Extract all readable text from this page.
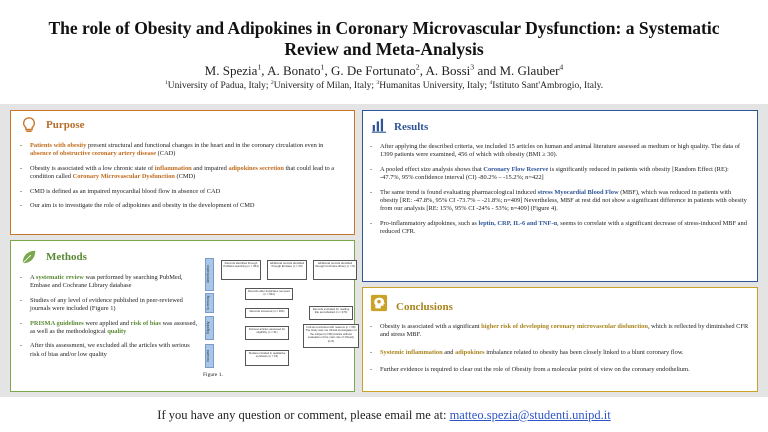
The role of Obesity and Adipokines in Coronary Microvascular Dysfunction: a Systematic Review and Meta-Analysis
M. Spezia$^1$, A. Bonato$^1$, G. De Fortunato$^2$, A. Bossi$^3$ and M. Glauber$^4$
$^1$University of Padua, Italy; $^2$University of Milan, Italy; $^3$Humanitas University, Italy; $^4$Istituto Sant'Ambrogio, Italy.
Purpose
- Patients with obesity present structural and functional changes in the heart and in the coronary circulation even in absence of obstructive coronary artery disease (CAD)
- Obesity is associated with a low chronic state of inflammation and impaired adipokines secretion that could lead to a condition called Coronary Microvascular Dysfunction (CMD)
- CMD is defined as an impaired myocardial blood flow in absence of CAD
- Our aim is to investigate the role of adipokines and obesity in the development of CMD
Methods
- A systematic review was performed by searching PubMed, Embase and Cochrane Library database
- Studies of any level of evidence published in peer-reviewed journals were included (Figure 1)
- PRISMA guidelines were applied and risk of bias was assessed, as well as the methodological quality
- After this assessment, we excluded all the articles with serious risk of bias and/or low quality
Identification
Screening
Eligibility
Included
Records identified through PubMed searching (n = 364)
Additional records identified through Embase (n = 23)
Additional records identified through Cochrane library (n = 8)
Records after duplicates removed (n = 364)
Records screened (n = 364)	Records excluded for reading title and abstract (n = 273)
Full-text articles assessed for eligibility (n = 91)
Full-text excluded with reasons (n = 68) The study was not clinical investigation of the subject (n=38) Articles without evaluation of the main role of Obesity (n=4)
Studies included in qualitative synthesis (n = 15)
Figure 1.
Results
- After applying the described criteria, we included 15 articles on human and animal literature assessed as medium or high quality. The data of 1399 patients were examined, 456 of which with obesity (BMI ≥ 30).
- A pooled effect size analysis shows that Coronary Flow Reserve is significantly reduced in patients with obesity [Random Effect (RE): -47.7%, 95% confidence interval (CI) -80.2% – -15.2%; n=422]
- The same trend is found evaluating pharmacological induced stress Myocardial Blood Flow (MBF), which was reduced in patients with obesity [RE: -47.8%, 95% CI -73.7% – -21.8%; n=409] Nevertheless, MBF at rest did not show a significant difference in patients with obesity from our analysis [RE: 15%, 95% CI -24% - 53%; n=409] (Figure 4).
- Pro-inflammatory adipokines, such as leptin, CRP, IL-6 and TNF-α, seems to correlate with a significant decrease of stress-induced MBF and reduced CFR.
Conclusions
- Obesity is associated with a significant higher risk of developing coronary microvascular disfunction, which is reflected by diminished CFR and stress MBF.
- Systemic inflammation and adipokines imbalance related to obesity has been closely linked to a blunt coronary flow.
- Further evidence is required to clear out the role of Obesity from a molecular point of view on the coronary endothelium.
If you have any question or comment, please email me at: matteo.spezia@studenti.unipd.it
